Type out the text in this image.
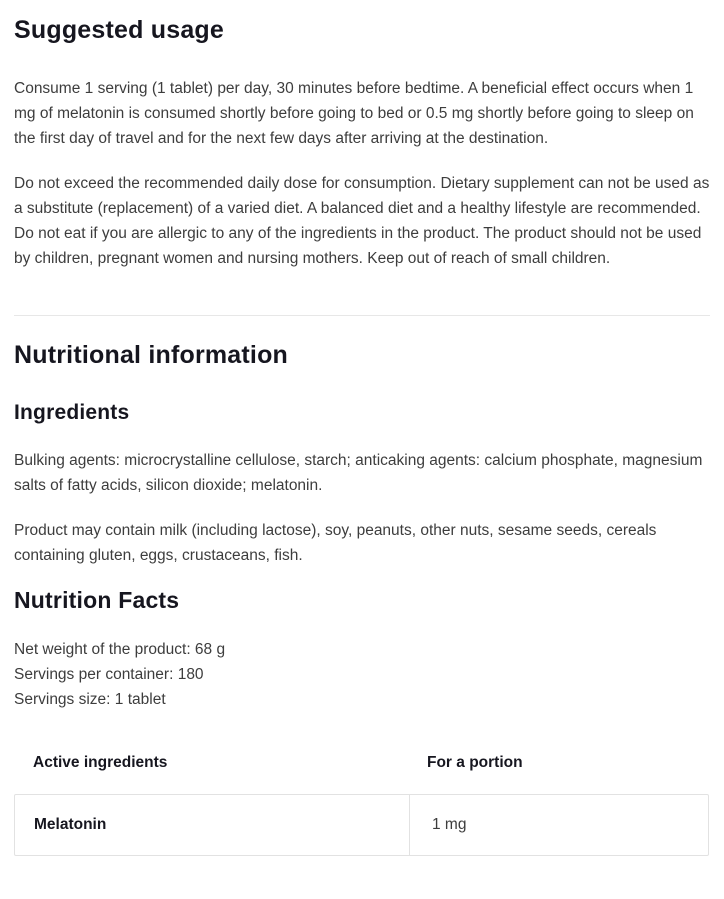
Suggested usage
Consume 1 serving (1 tablet) per day, 30 minutes before bedtime. A beneficial effect occurs when 1 mg of melatonin is consumed shortly before going to bed or 0.5 mg shortly before going to sleep on the first day of travel and for the next few days after arriving at the destination.
Do not exceed the recommended daily dose for consumption. Dietary supplement can not be used as a substitute (replacement) of a varied diet. A balanced diet and a healthy lifestyle are recommended. Do not eat if you are allergic to any of the ingredients in the product. The product should not be used by children, pregnant women and nursing mothers. Keep out of reach of small children.
Nutritional information
Ingredients
Bulking agents: microcrystalline cellulose, starch; anticaking agents: calcium phosphate, magnesium salts of fatty acids, silicon dioxide; melatonin.
Product may contain milk (including lactose), soy, peanuts, other nuts, sesame seeds, cereals containing gluten, eggs, crustaceans, fish.
Nutrition Facts
Net weight of the product: 68 g
Servings per container: 180
Servings size: 1 tablet
Active ingredients	For a portion
Melatonin	1 mg
